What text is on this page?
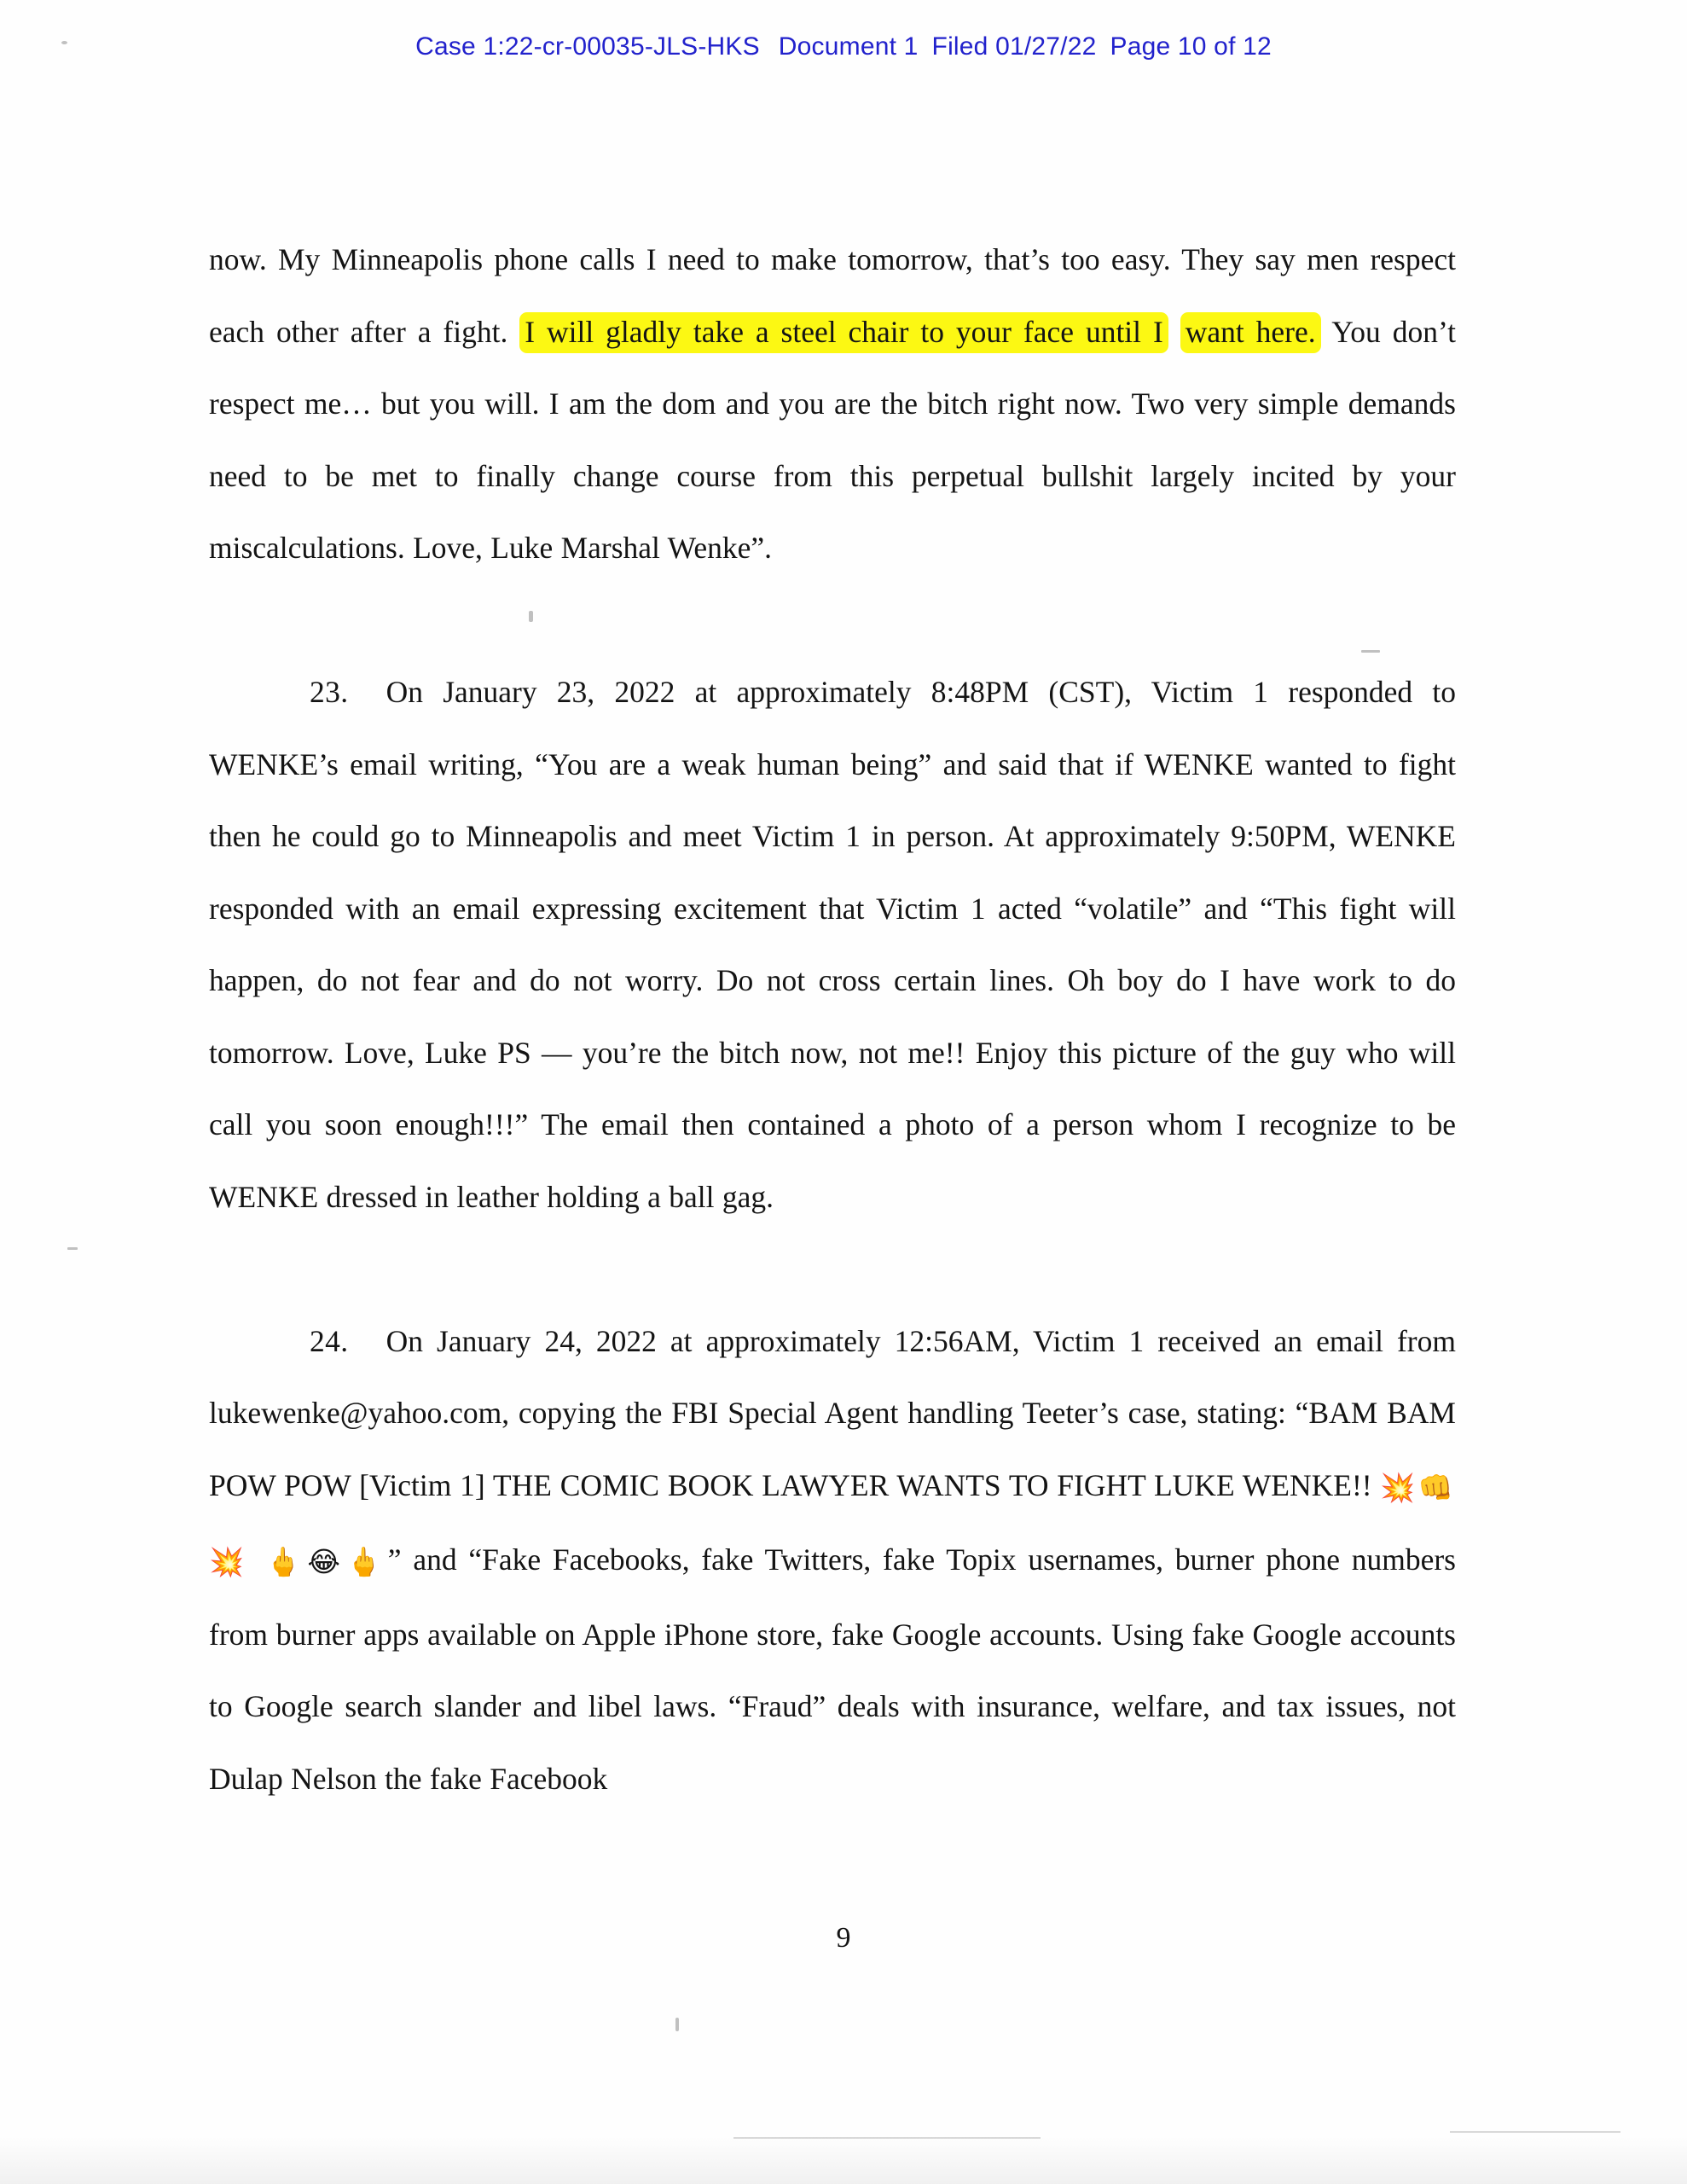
Case 1:22-cr-00035-JLS-HKS Document 1 Filed 01/27/22 Page 10 of 12

now. My Minneapolis phone calls I need to make tomorrow, that’s too easy. They say men respect each other after a fight. I will gladly take a steel chair to your face until I want here. You don’t respect me… but you will. I am the dom and you are the bitch right now. Two very simple demands need to be met to finally change course from this perpetual bullshit largely incited by your miscalculations. Love, Luke Marshal Wenke”.

23. On January 23, 2022 at approximately 8:48PM (CST), Victim 1 responded to WENKE’s email writing, “You are a weak human being” and said that if WENKE wanted to fight then he could go to Minneapolis and meet Victim 1 in person. At approximately 9:50PM, WENKE responded with an email expressing excitement that Victim 1 acted “volatile” and “This fight will happen, do not fear and do not worry. Do not cross certain lines. Oh boy do I have work to do tomorrow. Love, Luke PS — you’re the bitch now, not me!! Enjoy this picture of the guy who will call you soon enough!!!” The email then contained a photo of a person whom I recognize to be WENKE dressed in leather holding a ball gag.

24. On January 24, 2022 at approximately 12:56AM, Victim 1 received an email from lukewenke@yahoo.com, copying the FBI Special Agent handling Teeter’s case, stating: “BAM BAM POW POW [Victim 1] THE COMIC BOOK LAWYER WANTS TO FIGHT LUKE WENKE!! 💥👊💥 🖕😂🖕” and “Fake Facebooks, fake Twitters, fake Topix usernames, burner phone numbers from burner apps available on Apple iPhone store, fake Google accounts. Using fake Google accounts to Google search slander and libel laws. “Fraud” deals with insurance, welfare, and tax issues, not Dulap Nelson the fake Facebook

9
